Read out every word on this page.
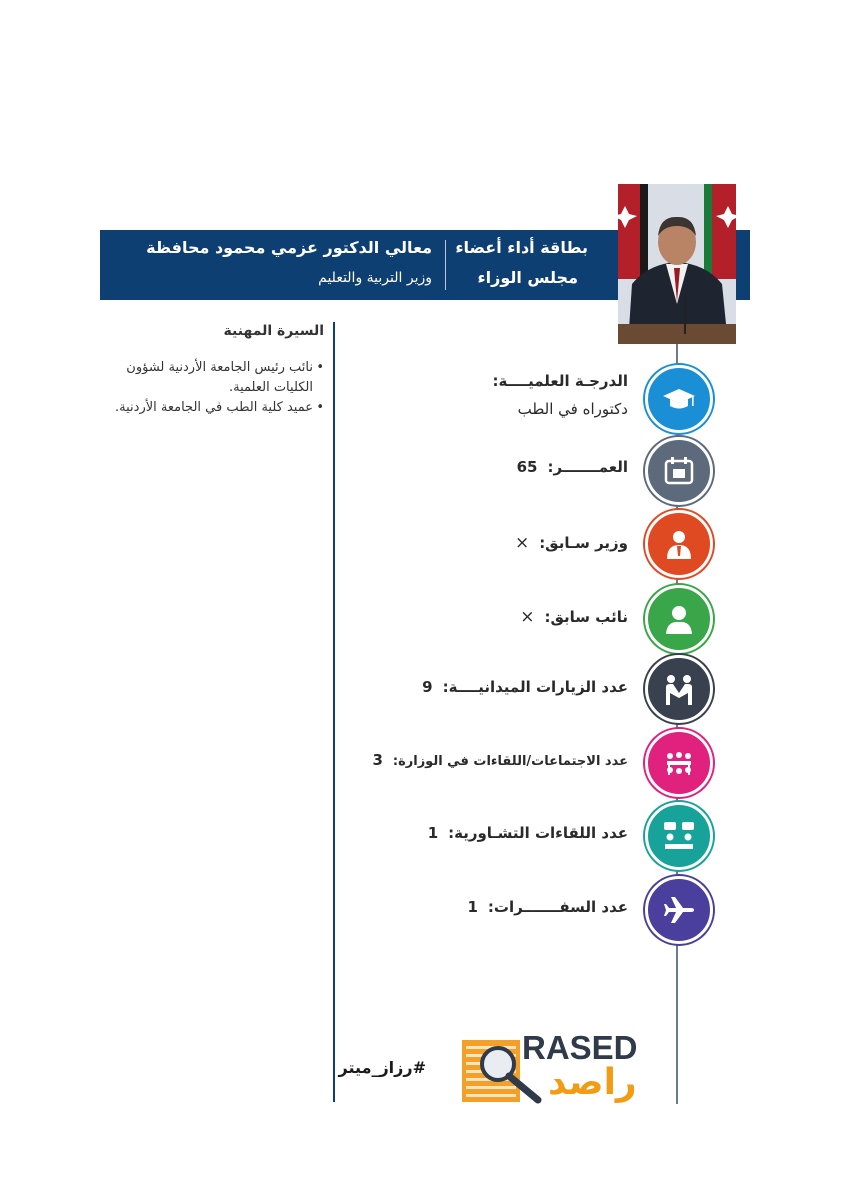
بطاقة أداء أعضاء
مجلس الوزاء
معالي الدكتور عزمي محمود محافظة
وزير التربية والتعليم
السيرة المهنية
• نائب رئيس الجامعة الأردنية لشؤون الكليات العلمية.
• عميد كلية الطب في الجامعة الأردنية.
الدرجـة العلميــــة:
دكتوراه في الطب
العمـــــــر:65
وزير سـابق:×
نائب سابق:×
عدد الزيارات الميدانيــــة:9
عدد الاجتماعات/اللقاءات في الوزارة:3
عدد اللقاءات التشـاورية:1
عدد السفـــــــرات:1
RASED
راصد
#رزاز_ميتر
